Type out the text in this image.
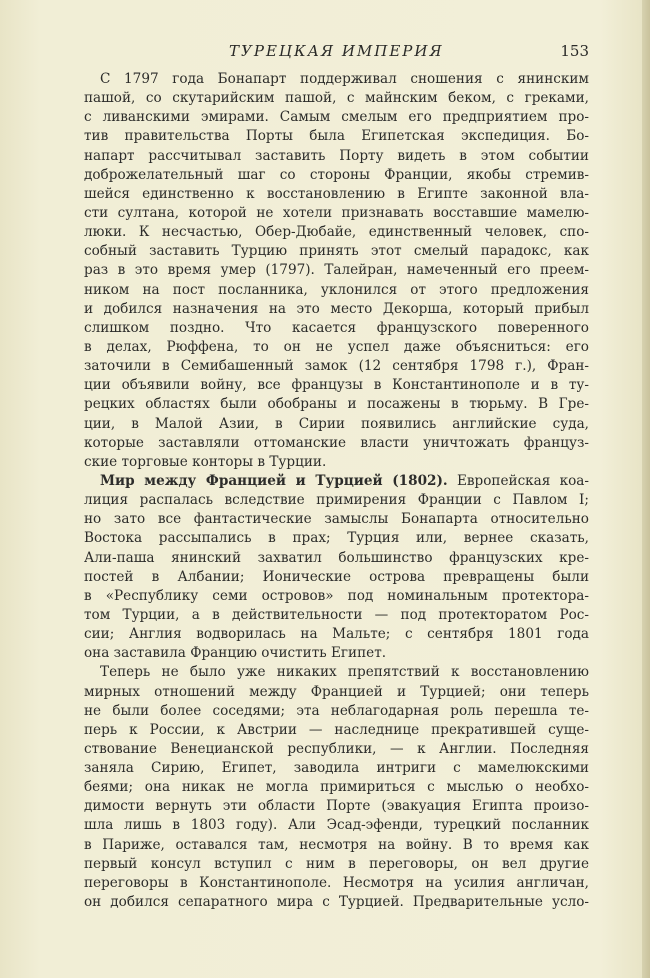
ТУРЕЦКАЯ ИМПЕРИЯ	153
С 1797 года Бонапарт поддерживал сношения с янинским
пашой, со скутарийским пашой, с майнским беком, с греками,
с ливанскими эмирами. Самым смелым его предприятием про-
тив правительства Порты была Египетская экспедиция. Бо-
напарт рассчитывал заставить Порту видеть в этом событии
доброжелательный шаг со стороны Франции, якобы стремив-
шейся единственно к восстановлению в Египте законной вла-
сти султана, которой не хотели признавать восставшие мамелю-
люки. К несчастью, Обер-Дюбайе, единственный человек, спо-
собный заставить Турцию принять этот смелый парадокс, как
раз в это время умер (1797). Талейран, намеченный его преем-
ником на пост посланника, уклонился от этого предложения
и добился назначения на это место Декорша, который прибыл
слишком поздно. Что касается французского поверенного
в делах, Рюффена, то он не успел даже объясниться: его
заточили в Семибашенный замок (12 сентября 1798 г.), Фран-
ции объявили войну, все французы в Константинополе и в ту-
рецких областях были обобраны и посажены в тюрьму. В Гре-
ции, в Малой Азии, в Сирии появились английские суда,
которые заставляли оттоманские власти уничтожать француз-
ские торговые конторы в Турции.
Мир между Францией и Турцией (1802). Европейская коа-
лиция распалась вследствие примирения Франции с Павлом I;
но зато все фантастические замыслы Бонапарта относительно
Востока рассыпались в прах; Турция или, вернее сказать,
Али-паша янинский захватил большинство французских кре-
постей в Албании; Ионические острова превращены были
в «Республику семи островов» под номинальным протектора-
том Турции, а в действительности — под протекторатом Рос-
сии; Англия водворилась на Мальте; с сентября 1801 года
она заставила Францию очистить Египет.
Теперь не было уже никаких препятствий к восстановлению
мирных отношений между Францией и Турцией; они теперь
не были более соседями; эта неблагодарная роль перешла те-
перь к России, к Австрии — наследнице прекратившей суще-
ствование Венецианской республики, — к Англии. Последняя
заняла Сирию, Египет, заводила интриги с мамелюкскими
беями; она никак не могла примириться с мыслью о необхо-
димости вернуть эти области Порте (эвакуация Египта произо-
шла лишь в 1803 году). Али Эсад-эфенди, турецкий посланник
в Париже, оставался там, несмотря на войну. В то время как
первый консул вступил с ним в переговоры, он вел другие
переговоры в Константинополе. Несмотря на усилия англичан,
он добился сепаратного мира с Турцией. Предварительные усло-
